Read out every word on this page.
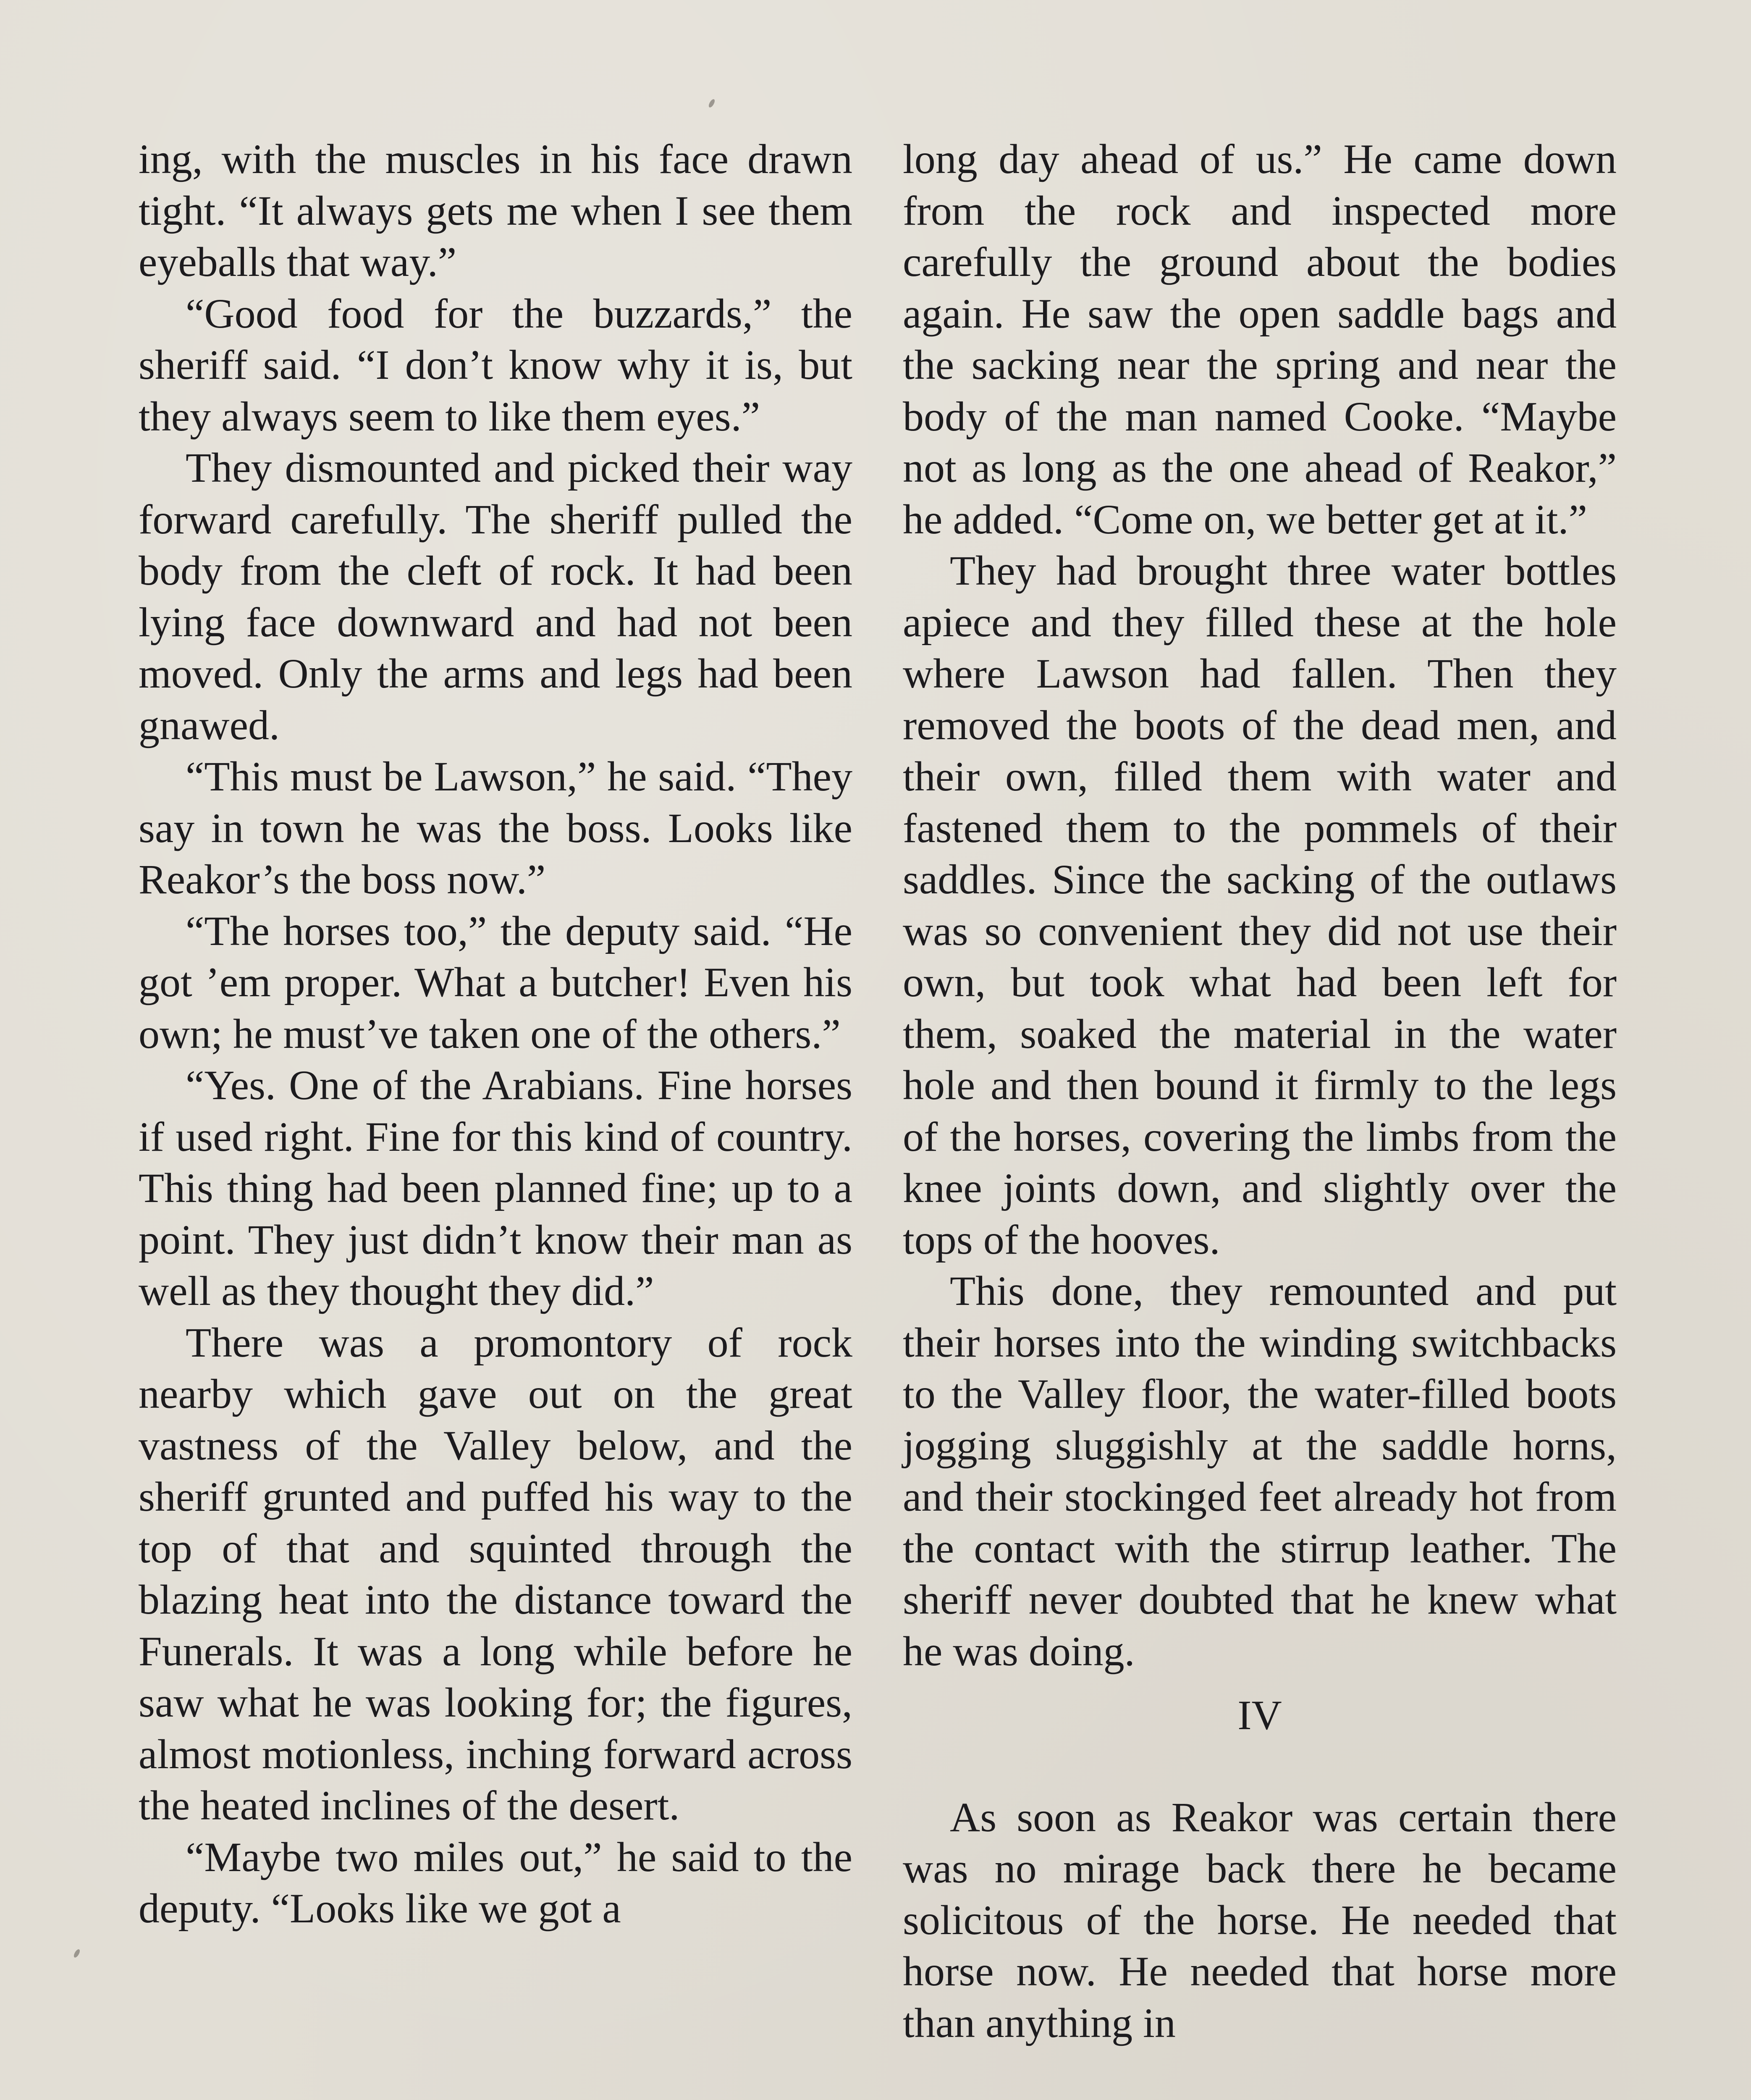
ing, with the muscles in his face drawn tight. “It always gets me when I see them eyeballs that way.”

“Good food for the buzzards,” the sheriff said. “I don’t know why it is, but they always seem to like them eyes.”

They dismounted and picked their way forward carefully. The sheriff pulled the body from the cleft of rock. It had been lying face downward and had not been moved. Only the arms and legs had been gnawed.

“This must be Lawson,” he said. “They say in town he was the boss. Looks like Reakor’s the boss now.”

“The horses too,” the deputy said. “He got ’em proper. What a butcher! Even his own; he must’ve taken one of the others.”

“Yes. One of the Arabians. Fine horses if used right. Fine for this kind of country. This thing had been planned fine; up to a point. They just didn’t know their man as well as they thought they did.”

There was a promontory of rock nearby which gave out on the great vastness of the Valley below, and the sheriff grunted and puffed his way to the top of that and squinted through the blazing heat into the distance toward the Funerals. It was a long while before he saw what he was looking for; the figures, almost motionless, inching forward across the heated inclines of the desert.

“Maybe two miles out,” he said to the deputy. “Looks like we got a

long day ahead of us.” He came down from the rock and inspected more carefully the ground about the bodies again. He saw the open saddle bags and the sacking near the spring and near the body of the man named Cooke. “Maybe not as long as the one ahead of Reakor,” he added. “Come on, we better get at it.”

They had brought three water bottles apiece and they filled these at the hole where Lawson had fallen. Then they removed the boots of the dead men, and their own, filled them with water and fastened them to the pommels of their saddles. Since the sacking of the outlaws was so convenient they did not use their own, but took what had been left for them, soaked the material in the water hole and then bound it firmly to the legs of the horses, covering the limbs from the knee joints down, and slightly over the tops of the hooves.

This done, they remounted and put their horses into the winding switchbacks to the Valley floor, the water-filled boots jogging sluggishly at the saddle horns, and their stockinged feet already hot from the contact with the stirrup leather. The sheriff never doubted that he knew what he was doing.

IV

As soon as Reakor was certain there was no mirage back there he became solicitous of the horse. He needed that horse now. He needed that horse more than anything in
